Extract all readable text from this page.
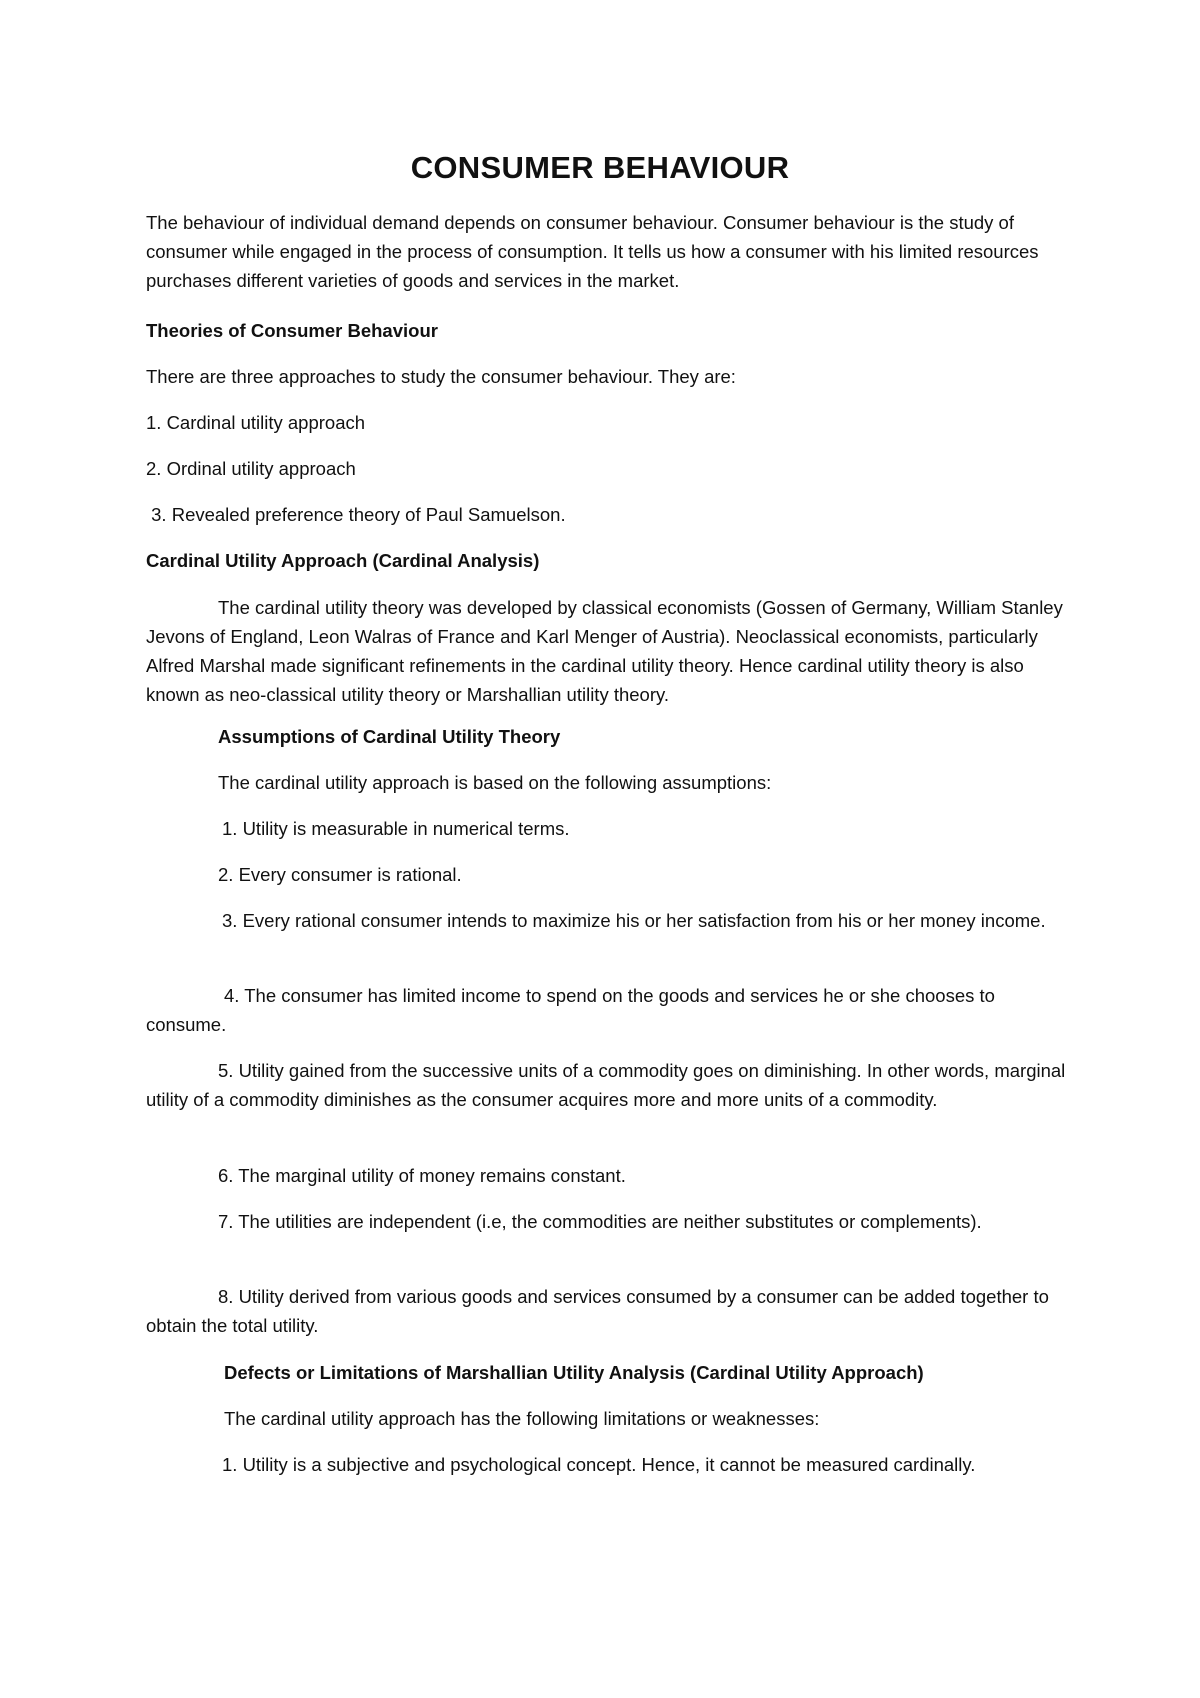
CONSUMER BEHAVIOUR

The behaviour of individual demand depends on consumer behaviour. Consumer behaviour is the study of consumer while engaged in the process of consumption. It tells us how a consumer with his limited resources purchases different varieties of goods and services in the market.

Theories of Consumer Behaviour

There are three approaches to study the consumer behaviour. They are:

1. Cardinal utility approach

2. Ordinal utility approach

3. Revealed preference theory of Paul Samuelson.

Cardinal Utility Approach (Cardinal Analysis)

The cardinal utility theory was developed by classical economists (Gossen of Germany, William Stanley Jevons of England, Leon Walras of France and Karl Menger of Austria). Neoclassical economists, particularly Alfred Marshal made significant refinements in the cardinal utility theory. Hence cardinal utility theory is also known as neo-classical utility theory or Marshallian utility theory.

Assumptions of Cardinal Utility Theory

The cardinal utility approach is based on the following assumptions:

1. Utility is measurable in numerical terms.

2. Every consumer is rational.

3. Every rational consumer intends to maximize his or her satisfaction from his or her money income.

4. The consumer has limited income to spend on the goods and services he or she chooses to consume.

5. Utility gained from the successive units of a commodity goes on diminishing. In other words, marginal utility of a commodity diminishes as the consumer acquires more and more units of a commodity.

6. The marginal utility of money remains constant.

7. The utilities are independent (i.e, the commodities are neither substitutes or complements).

8. Utility derived from various goods and services consumed by a consumer can be added together to obtain the total utility.

Defects or Limitations of Marshallian Utility Analysis (Cardinal Utility Approach)

The cardinal utility approach has the following limitations or weaknesses:

1. Utility is a subjective and psychological concept. Hence, it cannot be measured cardinally.
